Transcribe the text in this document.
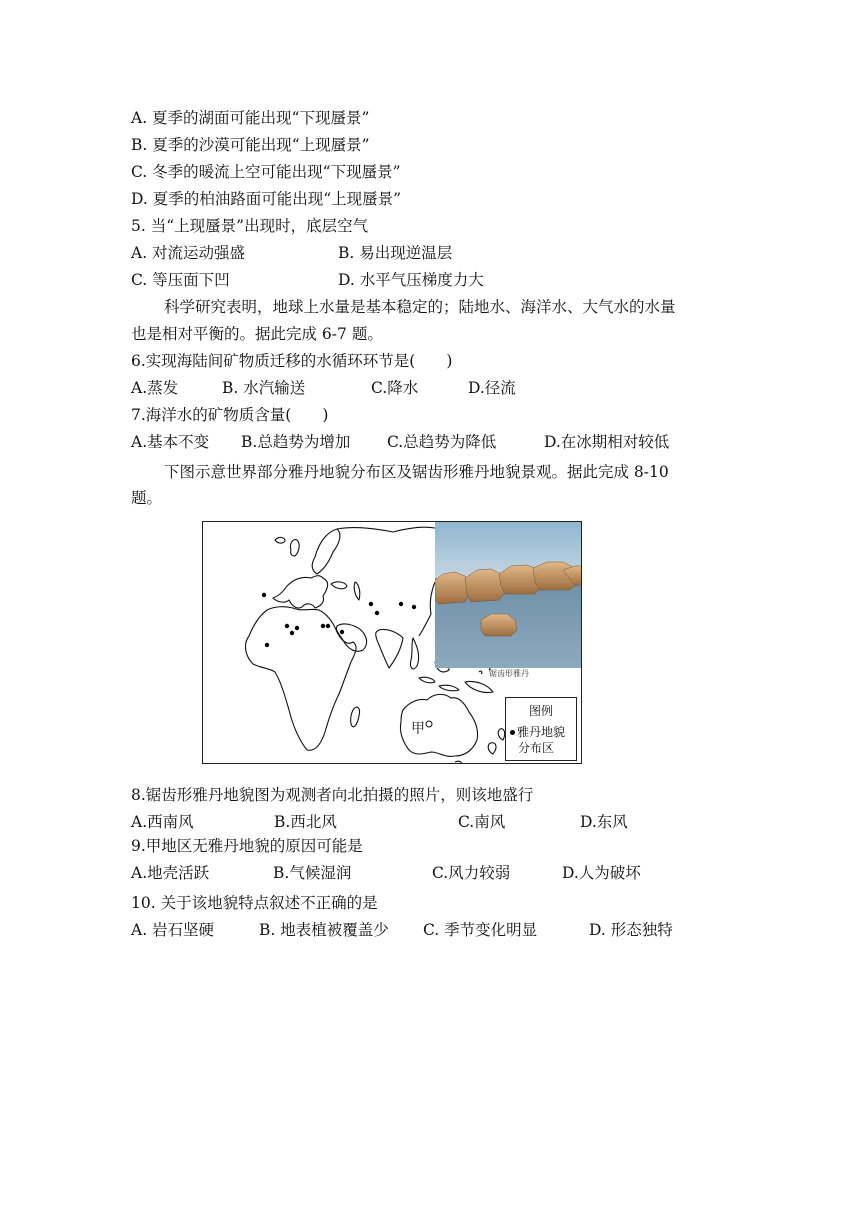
A. 夏季的湖面可能出现“下现蜃景”
B. 夏季的沙漠可能出现“上现蜃景”
C. 冬季的暖流上空可能出现“下现蜃景”
D. 夏季的柏油路面可能出现“上现蜃景”
5. 当“上现蜃景”出现时，底层空气
A. 对流运动强盛	B. 易出现逆温层
C. 等压面下凹	D. 水平气压梯度力大
科学研究表明，地球上水量是基本稳定的；陆地水、海洋水、大气水的水量
也是相对平衡的。据此完成 6-7 题。
6.实现海陆间矿物质迁移的水循环环节是(　　)
A.蒸发	B. 水汽输送	C.降水	D.径流
7.海洋水的矿物质含量(　　)
A.基本不变 B.总趋势为增加 C.总趋势为降低	D.在冰期相对较低
下图示意世界部分雅丹地貌分布区及锯齿形雅丹地貌景观。据此完成 8-10
题。
锯齿形雅丹
甲
图例
雅丹地貌
分布区
8.锯齿形雅丹地貌图为观测者向北拍摄的照片，则该地盛行
A.西南风	B.西北风	C.南风	D.东风
9.甲地区无雅丹地貌的原因可能是
A.地壳活跃	B.气候湿润	C.风力较弱	D.人为破坏
10. 关于该地貌特点叙述不正确的是
A. 岩石坚硬	B. 地表植被覆盖少 C. 季节变化明显	D. 形态独特
